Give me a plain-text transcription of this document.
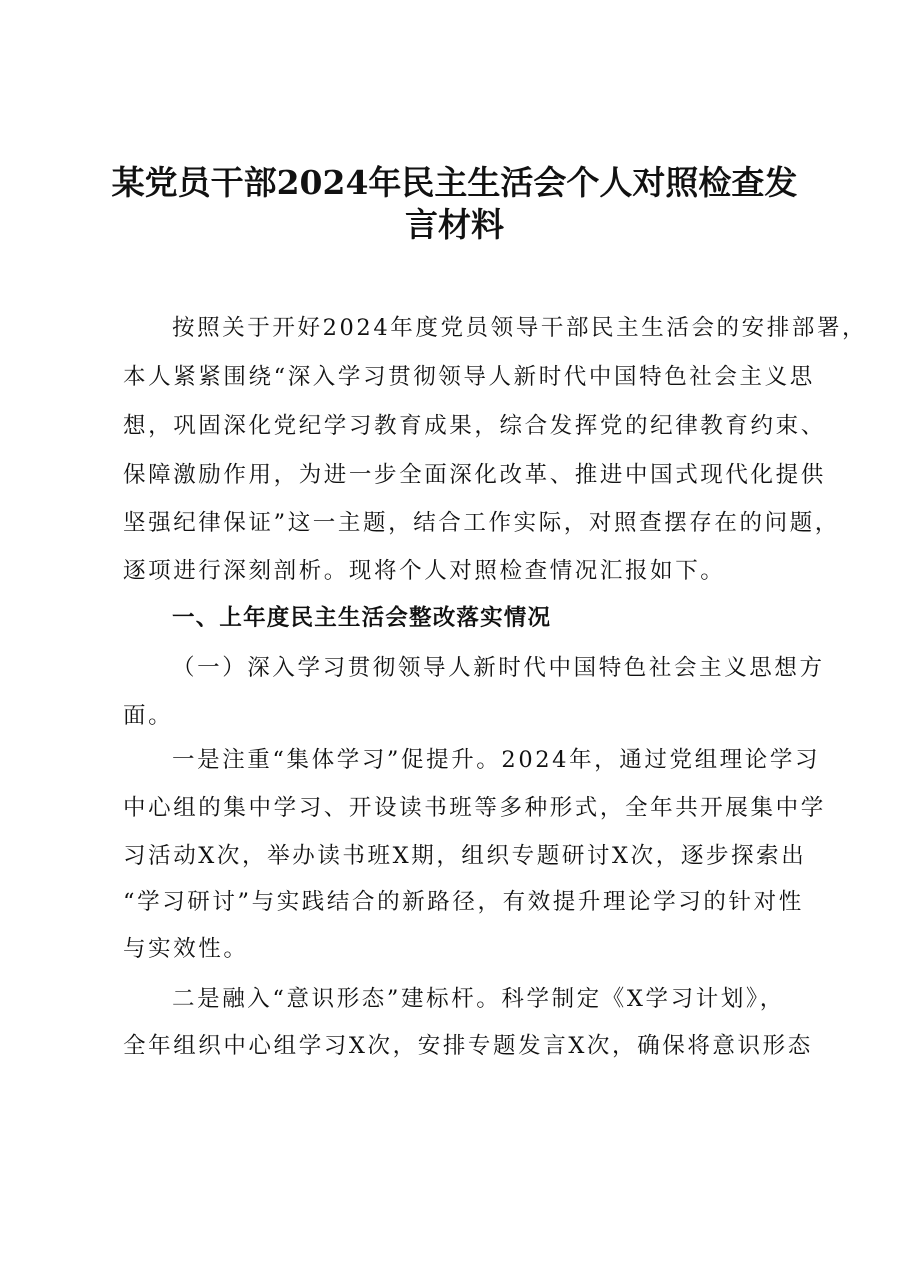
某党员干部2024年民主生活会个人对照检查发
言材料
按照关于开好2024年度党员领导干部民主生活会的安排部署，
本人紧紧围绕“深入学习贯彻领导人新时代中国特色社会主义思
想，巩固深化党纪学习教育成果，综合发挥党的纪律教育约束、
保障激励作用，为进一步全面深化改革、推进中国式现代化提供
坚强纪律保证”这一主题，结合工作实际，对照查摆存在的问题，
逐项进行深刻剖析。现将个人对照检查情况汇报如下。
一、上年度民主生活会整改落实情况
（一）深入学习贯彻领导人新时代中国特色社会主义思想方
面。
一是注重“集体学习”促提升。2024年，通过党组理论学习
中心组的集中学习、开设读书班等多种形式，全年共开展集中学
习活动X次，举办读书班X期，组织专题研讨X次，逐步探索出
“学习研讨”与实践结合的新路径，有效提升理论学习的针对性
与实效性。
二是融入“意识形态”建标杆。科学制定《X学习计划》，
全年组织中心组学习X次，安排专题发言X次，确保将意识形态
